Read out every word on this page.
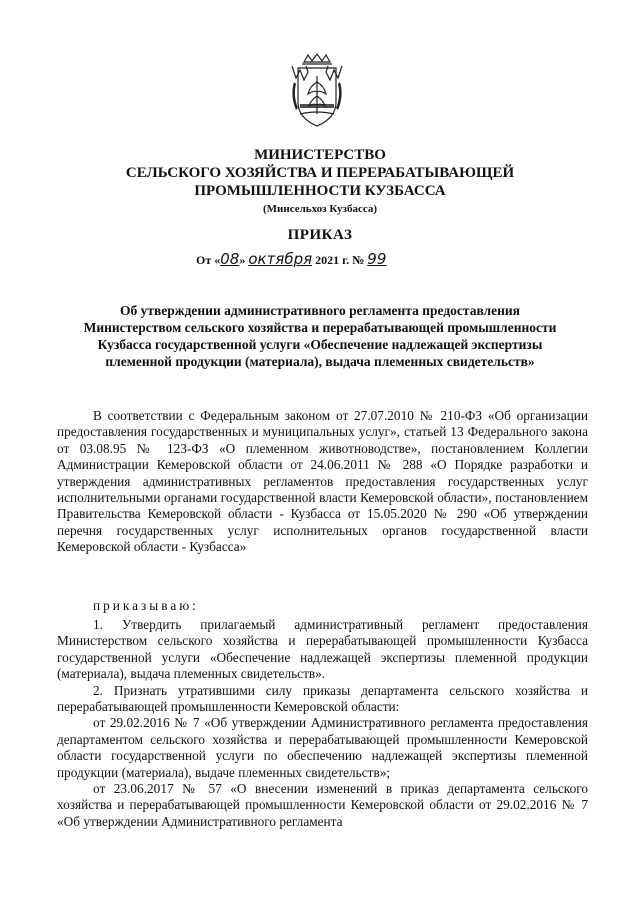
МИНИСТЕРСТВО
СЕЛЬСКОГО ХОЗЯЙСТВА И ПЕРЕРАБАТЫВАЮЩЕЙ
ПРОМЫШЛЕННОСТИ КУЗБАССА
(Минсельхоз Кузбасса)
ПРИКАЗ
От «08» октября 2021 г. № 99
Об утверждении административного регламента предоставления
Министерством сельского хозяйства и перерабатывающей промышленности
Кузбасса государственной услуги «Обеспечение надлежащей экспертизы
племенной продукции (материала), выдача племенных свидетельств»

В соответствии с Федеральным законом от 27.07.2010 № 210-ФЗ «Об организации предоставления государственных и муниципальных услуг», статьей 13 Федерального закона от 03.08.95 № 123-ФЗ «О племенном животноводстве», постановлением Коллегии Администрации Кемеровской области от 24.06.2011 № 288 «О Порядке разработки и утверждения административных регламентов предоставления государственных услуг исполнительными органами государственной власти Кемеровской области», постановлением Правительства Кемеровской области - Кузбасса от 15.05.2020 № 290 «Об утверждении перечня государственных услуг исполнительных органов государственной власти Кемеровской области - Кузбасса»

приказываю:

1. Утвердить прилагаемый административный регламент предоставления Министерством сельского хозяйства и перерабатывающей промышленности Кузбасса государственной услуги «Обеспечение надлежащей экспертизы племенной продукции (материала), выдача племенных свидетельств».

2. Признать утратившими силу приказы департамента сельского хозяйства и перерабатывающей промышленности Кемеровской области:

от 29.02.2016 № 7 «Об утверждении Административного регламента предоставления департаментом сельского хозяйства и перерабатывающей промышленности Кемеровской области государственной услуги по обеспечению надлежащей экспертизы племенной продукции (материала), выдаче племенных свидетельств»;

от 23.06.2017 № 57 «О внесении изменений в приказ департамента сельского хозяйства и перерабатывающей промышленности Кемеровской области от 29.02.2016 № 7 «Об утверждении Административного регламента
